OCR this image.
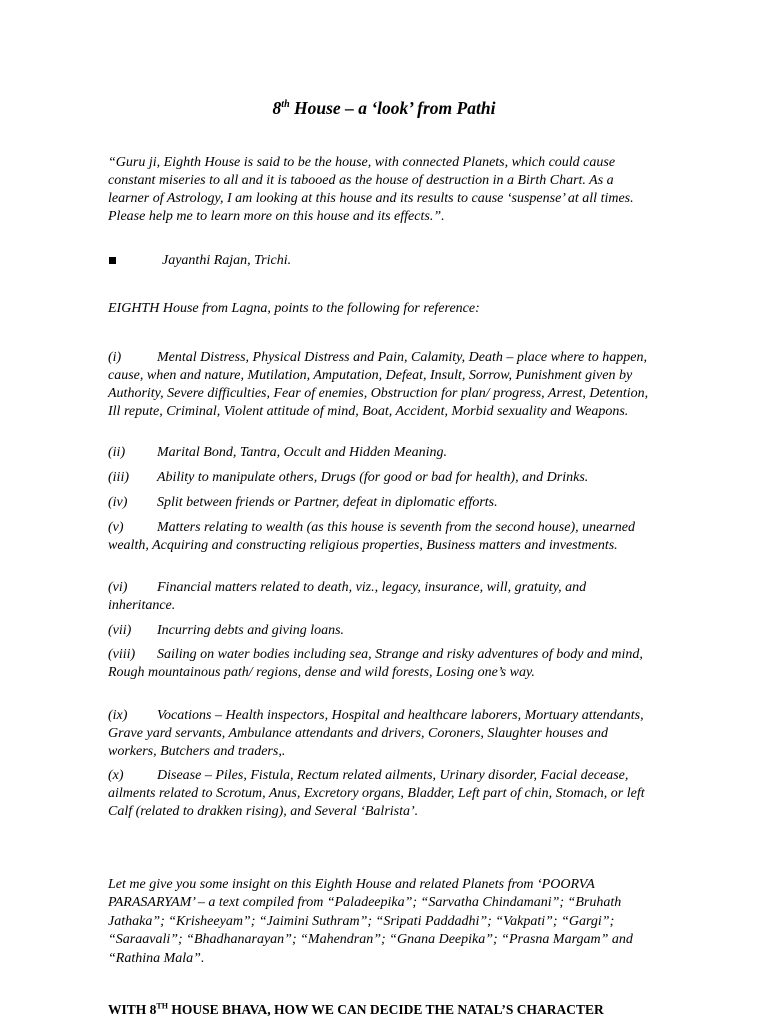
8th House – a ‘look’ from Pathi
“Guru ji, Eighth House is said to be the house, with connected Planets, which could cause constant miseries to all and it is tabooed as the house of destruction in a Birth Chart. As a learner of Astrology, I am looking at this house and its results to cause ‘suspense’ at all times. Please help me to learn more on this house and its effects.”.
Jayanthi Rajan, Trichi.
EIGHTH House from Lagna, points to the following for reference:
(i)	Mental Distress, Physical Distress and Pain, Calamity, Death – place where to happen, cause, when and nature, Mutilation, Amputation, Defeat, Insult, Sorrow, Punishment given by Authority, Severe difficulties, Fear of enemies, Obstruction for plan/ progress, Arrest, Detention, Ill repute, Criminal, Violent attitude of mind, Boat, Accident, Morbid sexuality and Weapons.
(ii) Marital Bond, Tantra, Occult and Hidden Meaning.
(iii) Ability to manipulate others, Drugs (for good or bad for health), and Drinks.
(iv) Split between friends or Partner, defeat in diplomatic efforts.
(v) Matters relating to wealth (as this house is seventh from the second house), unearned wealth, Acquiring and constructing religious properties, Business matters and investments.
(vi) Financial matters related to death, viz., legacy, insurance, will, gratuity, and inheritance.
(vii) Incurring debts and giving loans.
(viii) Sailing on water bodies including sea, Strange and risky adventures of body and mind, Rough mountainous path/ regions, dense and wild forests, Losing one’s way.
(ix) Vocations – Health inspectors, Hospital and healthcare laborers, Mortuary attendants, Grave yard servants, Ambulance attendants and drivers, Coroners, Slaughter houses and workers, Butchers and traders,.
(x) Disease – Piles, Fistula, Rectum related ailments, Urinary disorder, Facial decease, ailments related to Scrotum, Anus, Excretory organs, Bladder, Left part of chin, Stomach, or left Calf (related to drakken rising), and Several ‘Balrista’.
Let me give you some insight on this Eighth House and related Planets from ‘POORVA PARASARYAM’ – a text compiled from “Paladeepika”; “Sarvatha Chindamani”; “Bruhath Jathaka”; “Krisheeyam”; “Jaimini Suthram”; “Sripati Paddadhi”; “Vakpati”; “Gargi”; “Saraavali”; “Bhadhanarayan”; “Mahendran”; “Gnana Deepika”; “Prasna Margam” and “Rathina Mala”.
WITH 8TH HOUSE BHAVA, HOW WE CAN DECIDE THE NATAL’S CHARACTER
